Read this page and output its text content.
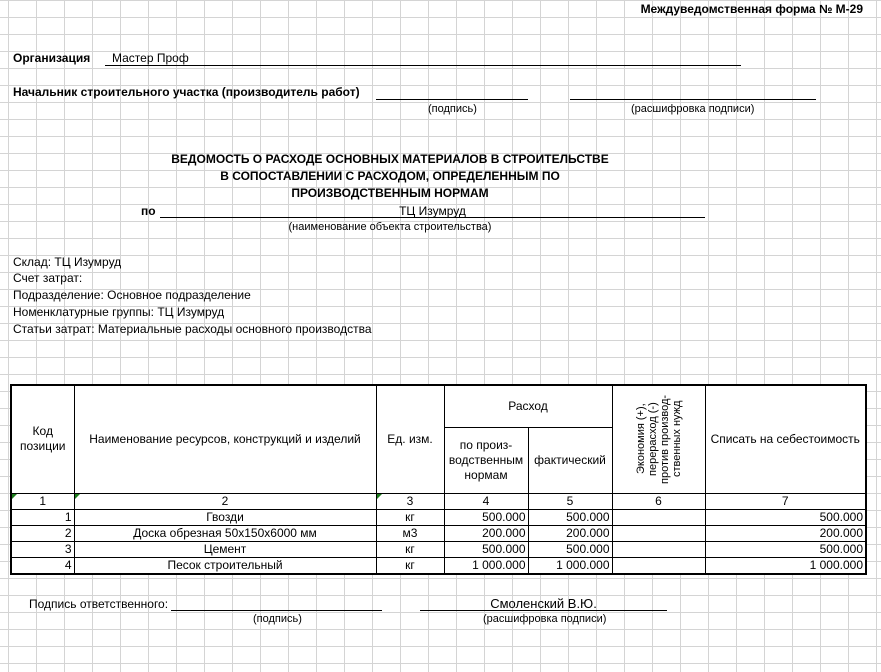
Междуведомственная форма № М-29
Организация Мастер Проф
Начальник строительного участка (производитель работ)
(подпись)	(расшифровка подписи)
ВЕДОМОСТЬ О РАСХОДЕ ОСНОВНЫХ МАТЕРИАЛОВ В СТРОИТЕЛЬСТВЕ
В СОПОСТАВЛЕНИИ С РАСХОДОМ, ОПРЕДЕЛЕННЫМ ПО
ПРОИЗВОДСТВЕННЫМ НОРМАМ
по	ТЦ Изумруд
(наименование объекта строительства)
Склад: ТЦ Изумруд
Счет затрат:
Подразделение: Основное подразделение
Номенклатурные группы: ТЦ Изумруд
Статьи затрат: Материальные расходы основного производства
Код позиции	Наименование ресурсов, конструкций и изделий	Ед. изм.	Расход		Экономия (+), перерасход (-) против производ-ственных нужд	Списать на себестоимость
			по произ-водственным нормам	фактический		
1	2	3	4	5	6	7
1	Гвозди	кг	500.000	500.000		500.000
2	Доска обрезная 50х150х6000 мм	м3	200.000	200.000		200.000
3	Цемент	кг	500.000	500.000		500.000
4	Песок строительный	кг	1 000.000	1 000.000		1 000.000
Подпись ответственного:	Смоленский В.Ю.
(подпись)	(расшифровка подписи)
